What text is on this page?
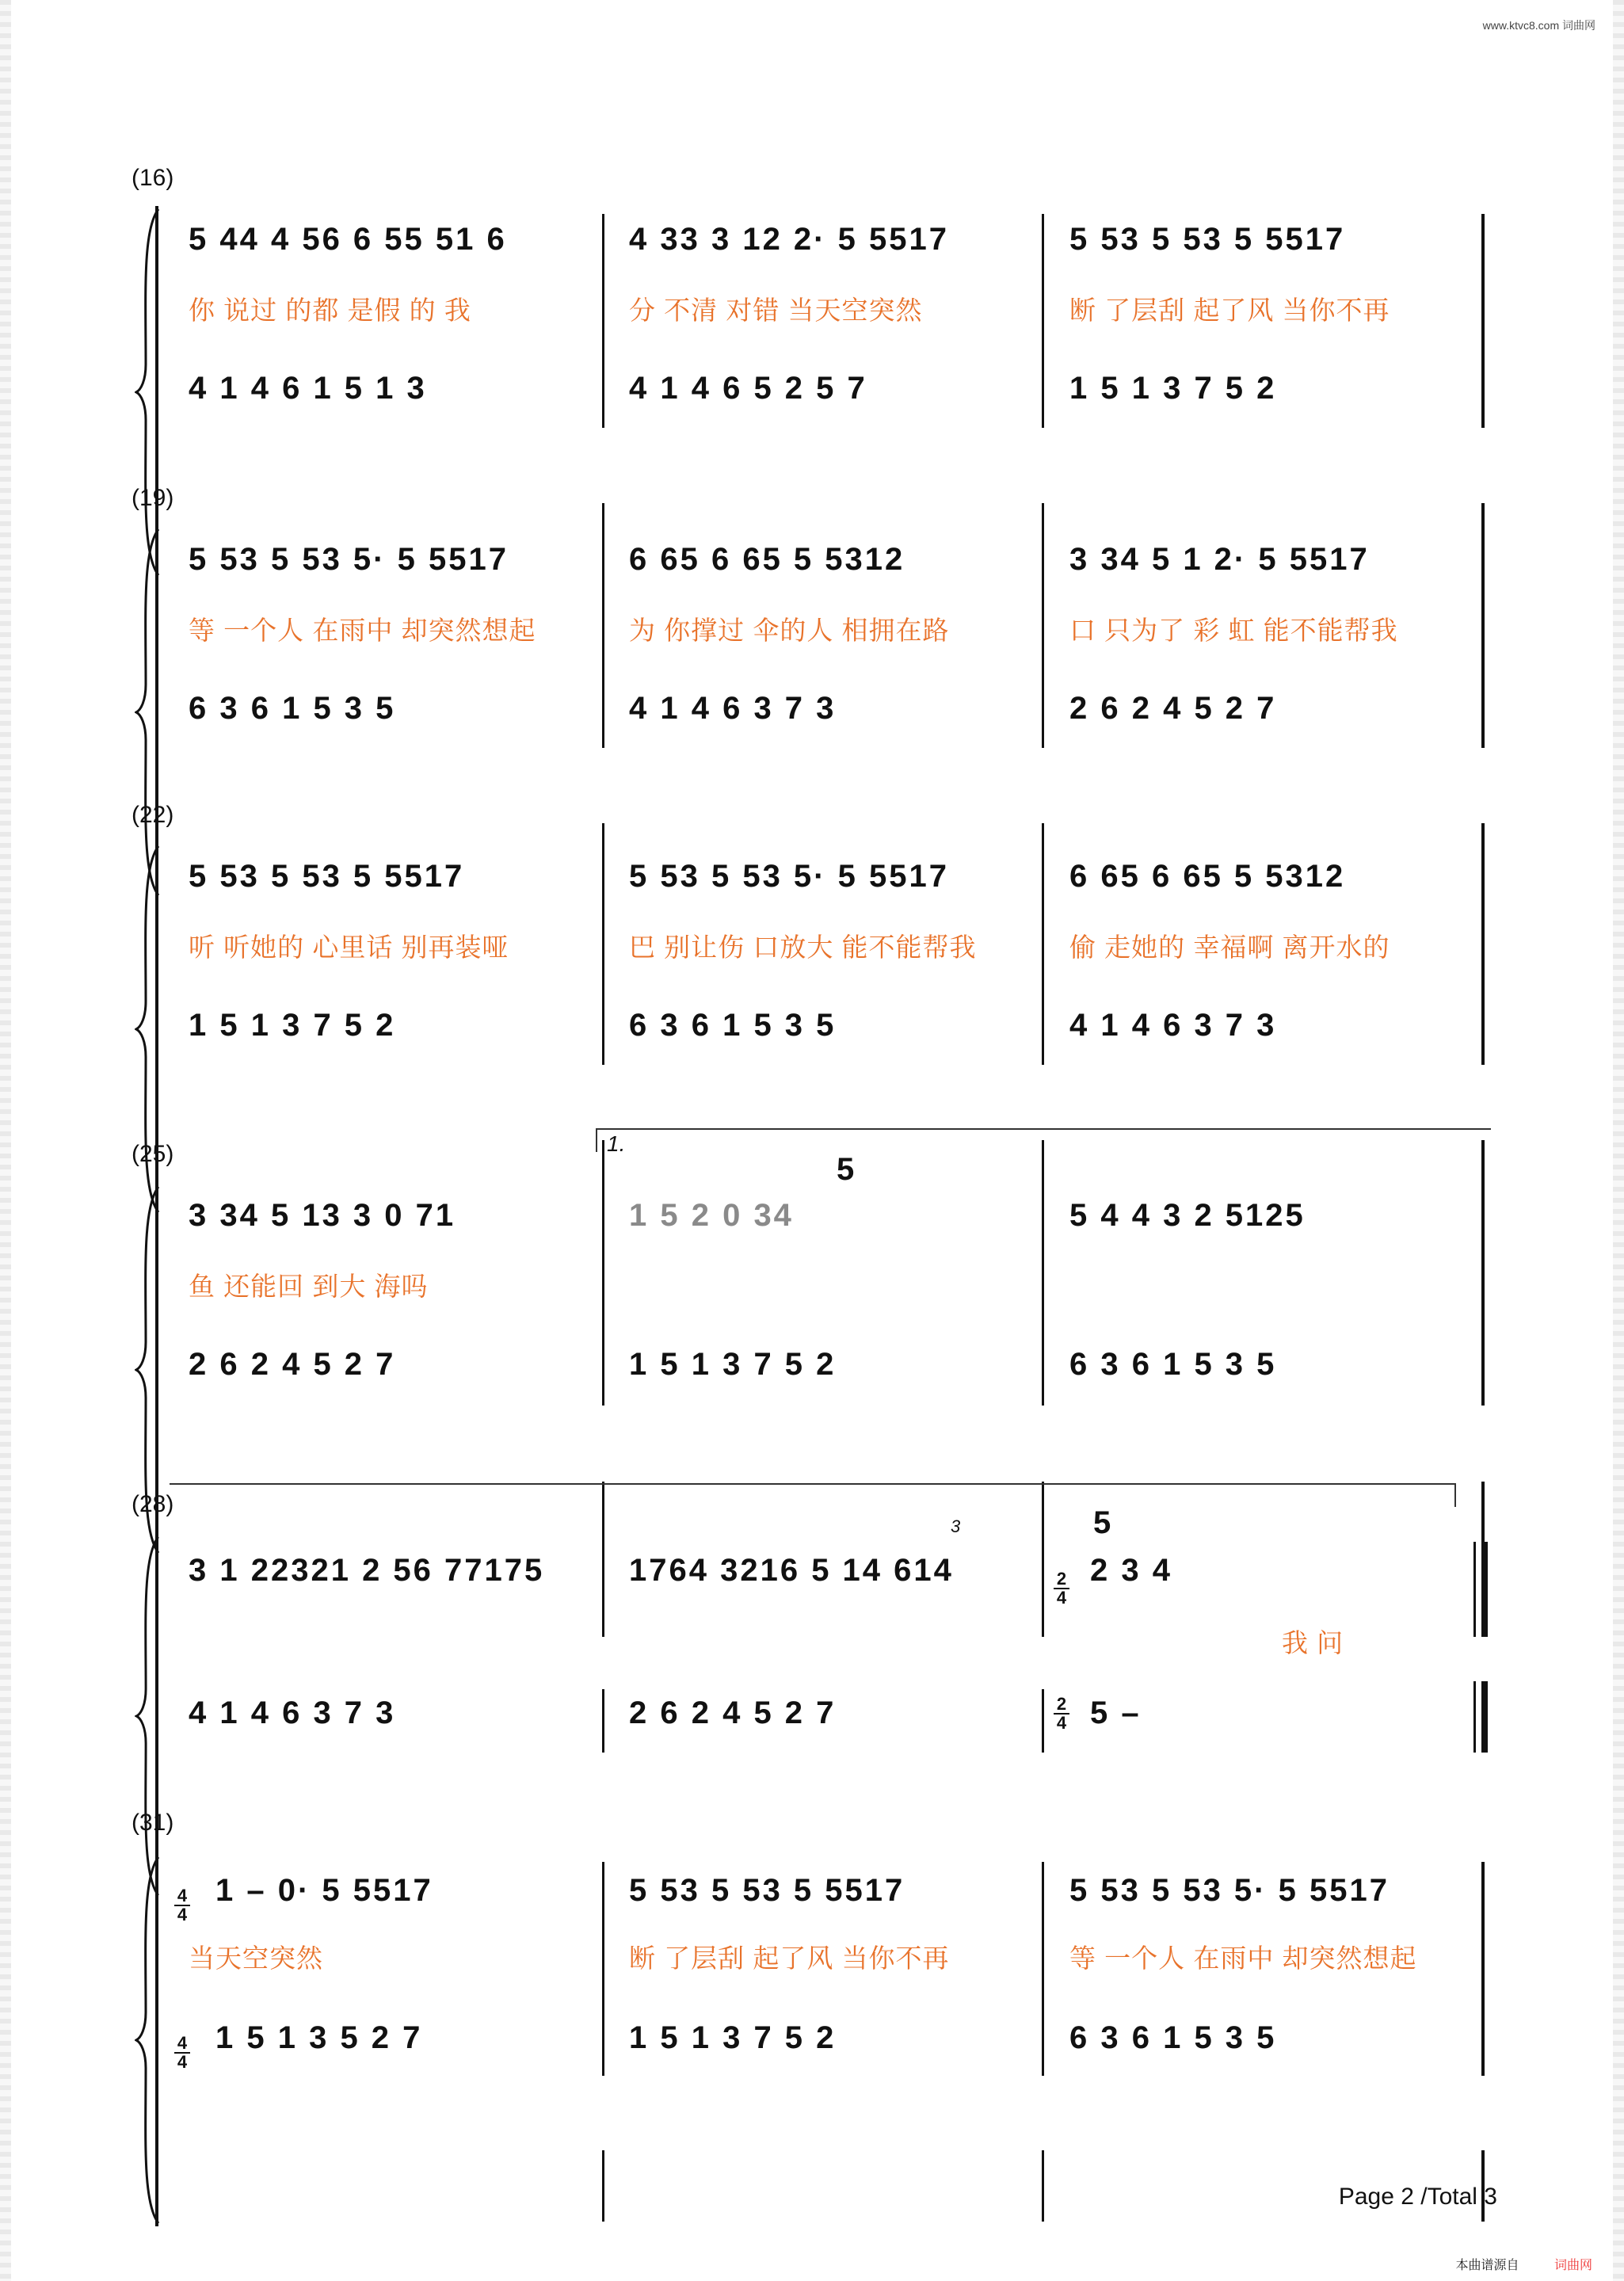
www.ktvc8.com 词曲网
(16)
5 44 4 56 6 55 51 6	4 33 3 12 2· 5 5517	5 53 5 53 5 5517
你 说过 的都 是假 的 我	分 不清 对错 当天空突然	断 了层刮 起了风 当你不再
4 1 4 6 1 5 1 3	4 1 4 6 5 2 5 7	1 5 1 3 7 5 2
(19)
5 53 5 53 5· 5 5517	6 65 6 65 5 5312	3 34 5 1 2· 5 5517
等 一个人 在雨中 却突然想起	为 你撑过 伞的人 相拥在路	口 只为了 彩 虹 能不能帮我
6 3 6 1 5 3 5	4 1 4 6 3 7 3	2 6 2 4 5 2 7
(22)
5 53 5 53 5 5517	5 53 5 53 5· 5 5517	6 65 6 65 5 5312
听 听她的 心里话 别再装哑	巴 别让伤 口放大 能不能帮我	偷 走她的 幸福啊 离开水的
1 5 1 3 7 5 2	6 3 6 1 5 3 5	4 1 4 6 3 7 3
(25)	1.
5
3 34 5 13 3 0 71	1 5 2 0 34	5 4 4 3 2 5125
鱼 还能回 到大 海吗
2 6 2 4 5 2 7	1 5 1 3 7 5 2	6 3 6 1 5 3 5
(28)
3	5
$\frac{2}{4}$
$\frac{2}{4}$
3 1 22321 2 56 77175	1764 3216 5 14 614	2 3 4
我 问
4 1 4 6 3 7 3	2 6 2 4 5 2 7	5 –
(31)
$\frac{4}{4}$
$\frac{4}{4}$
1 – 0· 5 5517	5 53 5 53 5 5517	5 53 5 53 5· 5 5517
当天空突然	断 了层刮 起了风 当你不再	等 一个人 在雨中 却突然想起
1 5 1 3 5 2 7	1 5 1 3 7 5 2	6 3 6 1 5 3 5
Page 2 /Total 3
本曲谱源自	词曲网
